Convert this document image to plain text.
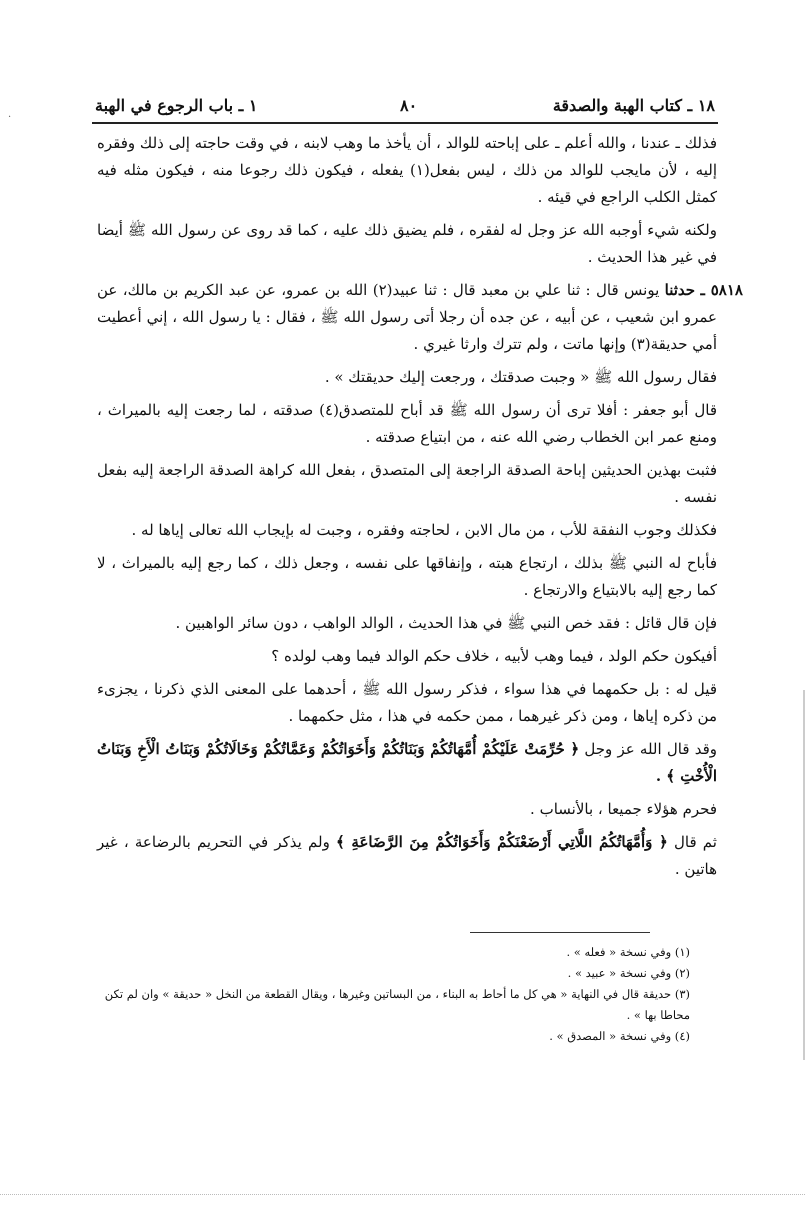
·
١٨ ـ كتاب الهبة والصدقة
٨٠
١ ـ باب الرجوع في الهبة

فذلك ـ عندنا ، والله أعلم ـ على إباحته للوالد ، أن يأخذ ما وهب لابنه ، في وقت حاجته إلى ذلك وفقره إليه ، لأن مايجب للوالد من ذلك ، ليس بفعل(١) يفعله ، فيكون ذلك رجوعا منه ، فيكون مثله فيه كمثل الكلب الراجع في قيئه .

ولكنه شيء أوجبه الله عز وجل له لفقره ، فلم يضيق ذلك عليه ، كما قد روى عن رسول الله ﷺ أيضا في غير هذا الحديث .

٥٨١٨ ـ حدثنا يونس قال : ثنا علي بن معبد قال : ثنا عبيد(٢) الله بن عمرو، عن عبد الكريم بن مالك، عن عمرو ابن شعيب ، عن أبيه ، عن جده أن رجلا أتى رسول الله ﷺ ، فقال : يا رسول الله ، إني أعطيت أمي حديقة(٣) وإنها ماتت ، ولم تترك وارثا غيري .

فقال رسول الله ﷺ « وجبت صدقتك ، ورجعت إليك حديقتك » .

قال أبو جعفر : أفلا ترى أن رسول الله ﷺ قد أباح للمتصدق(٤) صدقته ، لما رجعت إليه بالميراث ، ومنع عمر ابن الخطاب رضي الله عنه ، من ابتياع صدقته .

فثبت بهذين الحديثين إباحة الصدقة الراجعة إلى المتصدق ، بفعل الله كراهة الصدقة الراجعة إليه بفعل نفسه .

فكذلك وجوب النفقة للأب ، من مال الابن ، لحاجته وفقره ، وجبت له بإيجاب الله تعالى إياها له .

فأباح له النبي ﷺ بذلك ، ارتجاع هبته ، وإنفاقها على نفسه ، وجعل ذلك ، كما رجع إليه بالميراث ، لا كما رجع إليه بالابتياع والارتجاع .

فإن قال قائل : فقد خص النبي ﷺ في هذا الحديث ، الوالد الواهب ، دون سائر الواهبين .

أفيكون حكم الولد ، فيما وهب لأبيه ، خلاف حكم الوالد فيما وهب لولده ؟

قيل له : بل حكمهما في هذا سواء ، فذكر رسول الله ﷺ ، أحدهما على المعنى الذي ذكرنا ، يجزىء من ذكره إياها ، ومن ذكر غيرهما ، ممن حكمه في هذا ، مثل حكمهما .

وقد قال الله عز وجل ﴿ حُرِّمَتْ عَلَيْكُمْ أُمَّهَاتُكُمْ وَبَنَاتُكُمْ وَأَخَوَاتُكُمْ وَعَمَّاتُكُمْ وَخَالَاتُكُمْ وَبَنَاتُ الْأَخِ وَبَنَاتُ الْأُخْتِ ﴾ .

فحرم هؤلاء جميعا ، بالأنساب .

ثم قال ﴿ وَأُمَّهَاتُكُمُ اللَّاتِي أَرْضَعْنَكُمْ وَأَخَوَاتُكُمْ مِنَ الرَّضَاعَةِ ﴾ ولم يذكر في التحريم بالرضاعة ، غير هاتين .

(١) وفي نسخة « فعله » .
(٢) وفي نسخة « عبيد » .
(٣) حديقة قال في النهاية « هي كل ما أحاط به البناء ، من البساتين وغيرها ، ويقال القطعة من النخل « حديقة » وان لم تكن محاطا بها » .
(٤) وفي نسخة « المصدق » .
